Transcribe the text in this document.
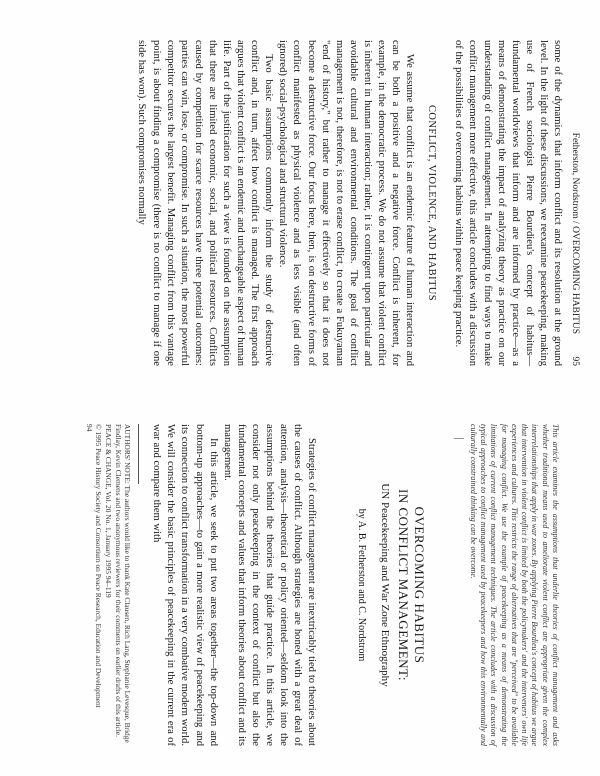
Fetherston, Nordstrom / OVERCOMING HABITUS
95

some of the dynamics that inform conflict and its resolution at the ground level. In the light of these discussions, we reexamine peacekeeping, making use of French sociologist Pierre Bourdieu's concept of habitus—fundamental worldviews that inform and are informed by practice—as a means of demonstrating the impact of analyzing theory as practice on our understanding of conflict management. In attempting to find ways to make conflict management more effective, this article concludes with a discussion of the possibilities of overcoming habitus within peace keeping practice.

CONFLICT, VIOLENCE, AND HABITUS

We assume that conflict is an endemic feature of human interaction and can be both a positive and a negative force. Conflict is inherent, for example, in the democratic process. We do not assume that violent conflict is inherent in human interaction; rather, it is contingent upon particular and avoidable cultural and environmental conditions. The goal of conflict management is not, therefore, is not to erase conflict, to create a Fukuyaman "end of history," but rather to manage it effectively so that it does not become a destructive force. Our focus here, then, is on destructive forms of conflict manifested as physical violence and as less visible (and often ignored) social-psychological and structural violence.

Two basic assumptions commonly inform the study of destructive conflict and, in turn, affect how conflict is managed. The first approach argues that violent conflict is an endemic and unchangeable aspect of human life. Part of the justification for such a view is founded on the assumption that there are limited economic, social, and political resources. Conflicts caused by competition for scarce resources have three potential outcomes: parties can win, lose, or compromise. In such a situation, the most powerful competitor secures the largest benefit. Managing conflict from this vantage point, is about finding a compromise (there is no conflict to manage if one side has won). Such compromises normally

This article examines the assumptions that underlie theories of conflict management and asks whether traditional means used to ameliorate violent conflict are appropriate given the complex interrelationships that apply in war zones. By applying Pierre Bourdieu's concept of habitus we argue that intervention in violent conflict is limited by both the policymakers' and the interveners' own life experiences and cultures. This restricts the range of alternatives that are "perceived" to be available for managing conflict. We use the example of peacekeeping as a means of demonstrating the limitations of current conflict management techniques. The article concludes with a discussion of typical approaches to conflict management used by peacekeepers and how this environmentally and culturally constrained thinking can be overcome.

OVERCOMING HABITUS

IN CONFLICT MANAGEMENT:

UN Peacekeeping and War Zone Ethnography

by A. B. Fetherston and C. Nordstrom

Strategies of conflict management are inextricably tied to theories about the causes of conflict. Although strategies are honed with a great deal of attention, analysis—theoretical or policy oriented—seldom look into the assumptions behind the theories that guide practice. In this article, we consider not only peacekeeping in the context of conflict but also the fundamental concepts and values that inform theories about conflict and its management.

In this article, we seek to put two areas together—the top-down and bottom-up approaches—to gain a more realistic view of peacekeeping and its connection to conflict transformation in a very combative modern world. We will consider the basic principles of peacekeeping in the current era of war and compare them with

AUTHORS' NOTE: The authors would like to thank Kate Clausen, Rich Lang, Stephanie Levesque, Bridge Findlay, Kevin Clemens and two anonymous reviewers for their comments on earlier drafts of this article.

PEACE & CHANGE, Vol. 20 No. 1, January 1995 94–119

© 1995 Peace History Society and Consortium on Peace Research, Education and Development

94
